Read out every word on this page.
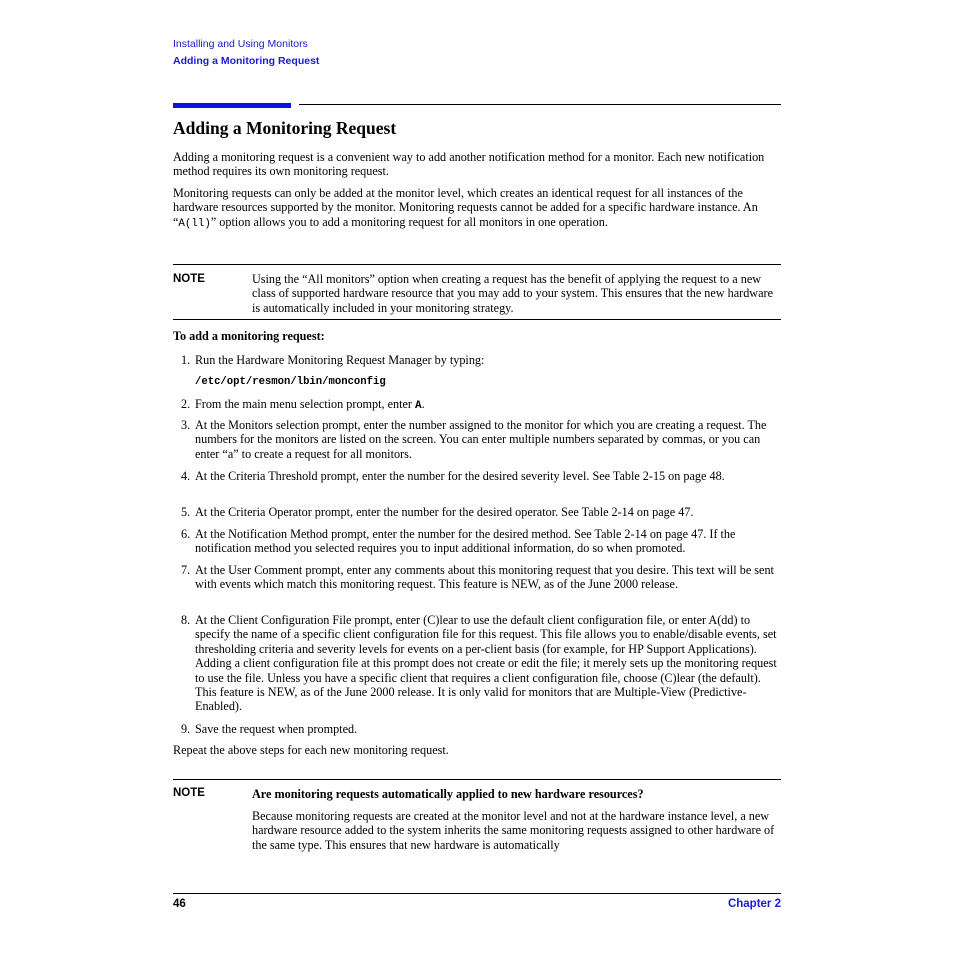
Installing and Using Monitors
Adding a Monitoring Request
Adding a Monitoring Request

Adding a monitoring request is a convenient way to add another notification method for a monitor. Each new notification method requires its own monitoring request.

Monitoring requests can only be added at the monitor level, which creates an identical request for all instances of the hardware resources supported by the monitor. Monitoring requests cannot be added for a specific hardware instance. An “A(ll)” option allows you to add a monitoring request for all monitors in one operation.

NOTE	Using the “All monitors” option when creating a request has the benefit of applying the request to a new class of supported hardware resource that you may add to your system. This ensures that the new hardware is automatically included in your monitoring strategy.
To add a monitoring request:
1. Run the Hardware Monitoring Request Manager by typing:
/etc/opt/resmon/lbin/monconfig
2. From the main menu selection prompt, enter A.
3. At the Monitors selection prompt, enter the number assigned to the monitor for which you are creating a request. The numbers for the monitors are listed on the screen. You can enter multiple numbers separated by commas, or you can enter “a” to create a request for all monitors.
4. At the Criteria Threshold prompt, enter the number for the desired severity level. See Table 2-15 on page 48.
5. At the Criteria Operator prompt, enter the number for the desired operator. See Table 2-14 on page 47.
6. At the Notification Method prompt, enter the number for the desired method. See Table 2-14 on page 47. If the notification method you selected requires you to input additional information, do so when promoted.
7. At the User Comment prompt, enter any comments about this monitoring request that you desire. This text will be sent with events which match this monitoring request. This feature is NEW, as of the June 2000 release.
8. At the Client Configuration File prompt, enter (C)lear to use the default client configuration file, or enter A(dd) to specify the name of a specific client configuration file for this request. This file allows you to enable/disable events, set thresholding criteria and severity levels for events on a per-client basis (for example, for HP Support Applications). Adding a client configuration file at this prompt does not create or edit the file; it merely sets up the monitoring request to use the file. Unless you have a specific client that requires a client configuration file, choose (C)lear (the default). This feature is NEW, as of the June 2000 release. It is only valid for monitors that are Multiple-View (Predictive-Enabled).
9. Save the request when prompted.
Repeat the above steps for each new monitoring request.
NOTE	Are monitoring requests automatically applied to new hardware resources?
Because monitoring requests are created at the monitor level and not at the hardware instance level, a new hardware resource added to the system inherits the same monitoring requests assigned to other hardware of the same type. This ensures that new hardware is automatically
46	Chapter 2
